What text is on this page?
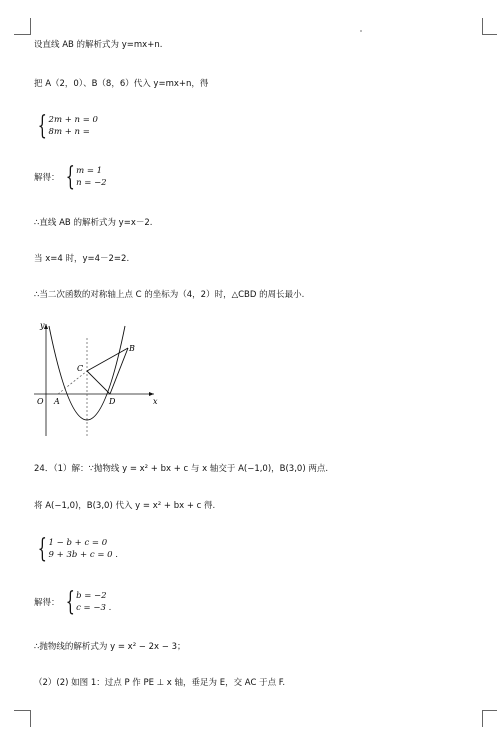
设直线 AB 的解析式为 y=mx+n.
把 A（2，0）、B（8，6）代入 y=mx+n，得
{ 2m + n = 0
8m + n =
解得： { m = 1
n = −2
∴直线 AB 的解析式为 y=x－2.
当 x=4 时，y=4－2=2.
∴当二次函数的对称轴上点 C 的坐标为（4，2）时，△CBD 的周长最小.
y
x
O A
C
D
B
24．（1）解：∵抛物线 y = x² + bx + c 与 x 轴交于 A(−1,0)，B(3,0) 两点.
将 A(−1,0)，B(3,0) 代入 y = x² + bx + c 得.
{ 1 − b + c = 0
9 + 3b + c = 0 .
解得： { b = −2
c = −3 .
∴抛物线的解析式为 y = x² − 2x − 3；
（2）(2) 如图 1：过点 P 作 PE ⊥ x 轴，垂足为 E，交 AC 于点 F.
